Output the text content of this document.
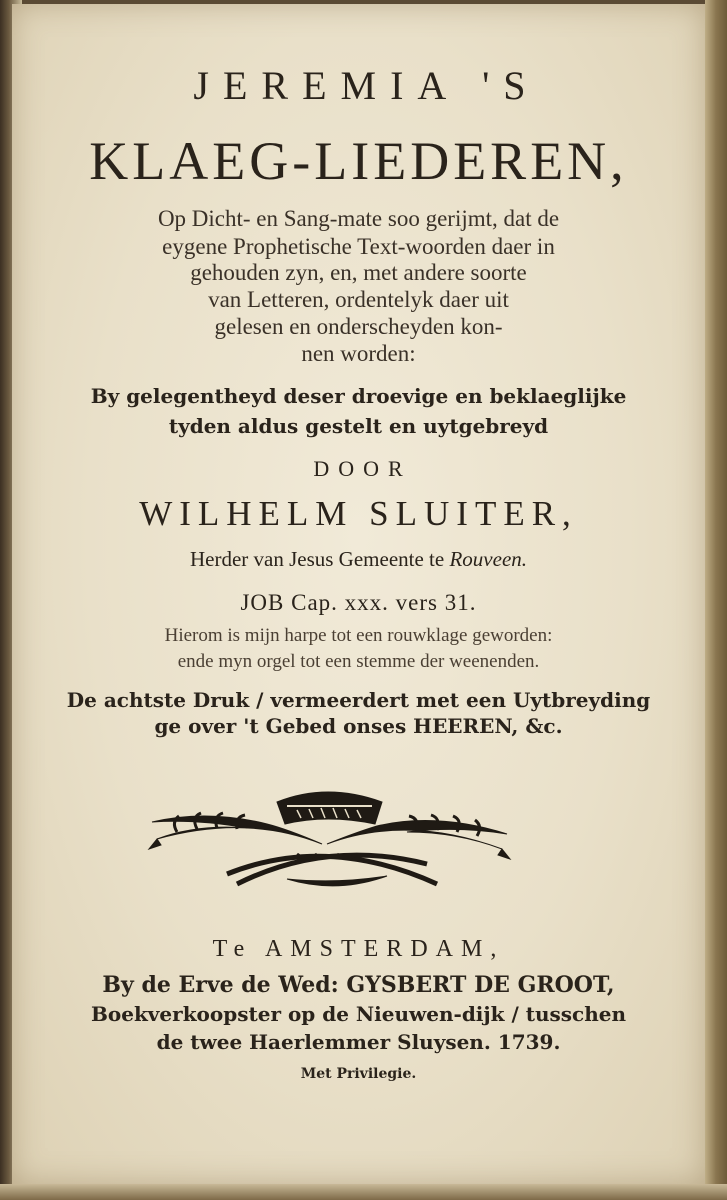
JEREMIA 'S
KLAEG-LIEDEREN,
Op Dicht- en Sang-mate soo gerijmt, dat de
eygene Prophetische Text-woorden daer in
gehouden zyn, en, met andere soorte
van Letteren, ordentelyk daer uit
gelesen en onderscheyden kon-
nen worden:
By gelegentheyd deser droevige en beklaeglijke
tyden aldus gestelt en uytgebreyd
DOOR
WILHELM SLUITER,
Herder van Jesus Gemeente te Rouveen.
JOB Cap. xxx. vers 31.
Hierom is mijn harpe tot een rouwklage geworden:
ende myn orgel tot een stemme der weenenden.
De achtste Druk / vermeerdert met een Uytbreyding
ge over 't Gebed onses HEEREN, &c.
Te AMSTERDAM,
By de Erve de Wed: GYSBERT DE GROOT,
Boekverkoopster op de Nieuwen-dijk / tusschen
de twee Haerlemmer Sluysen. 1739.
Met Privilegie.
